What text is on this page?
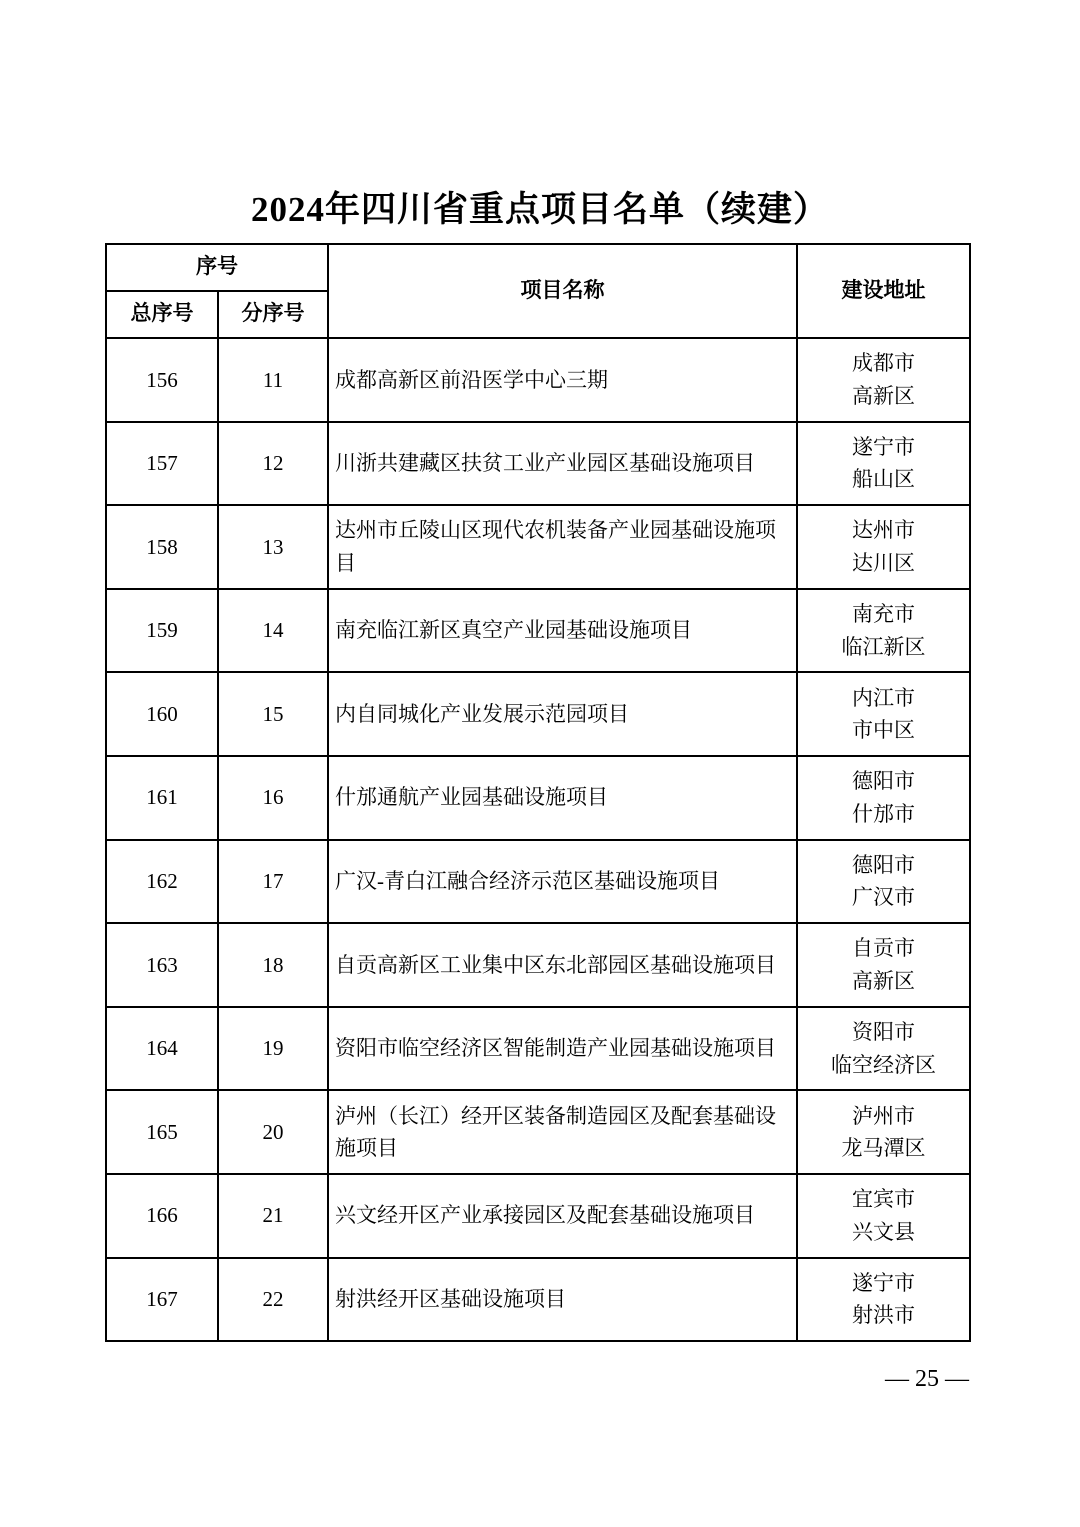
2024年四川省重点项目名单（续建）
序号		项目名称	建设地址
总序号	分序号		
156	11	成都高新区前沿医学中心三期	成都市
高新区

157	12	川浙共建藏区扶贫工业产业园区基础设施项目	遂宁市
船山区

158	13	达州市丘陵山区现代农机装备产业园基础设施项目	达州市
达川区

159	14	南充临江新区真空产业园基础设施项目	南充市
临江新区

160	15	内自同城化产业发展示范园项目	内江市
市中区

161	16	什邡通航产业园基础设施项目	德阳市
什邡市

162	17	广汉-青白江融合经济示范区基础设施项目	德阳市
广汉市

163	18	自贡高新区工业集中区东北部园区基础设施项目	自贡市
高新区

164	19	资阳市临空经济区智能制造产业园基础设施项目	资阳市
临空经济区

165	20	泸州（长江）经开区装备制造园区及配套基础设施项目	泸州市
龙马潭区

166	21	兴文经开区产业承接园区及配套基础设施项目	宜宾市
兴文县

167	22	射洪经开区基础设施项目	遂宁市
射洪市
— 25 —
